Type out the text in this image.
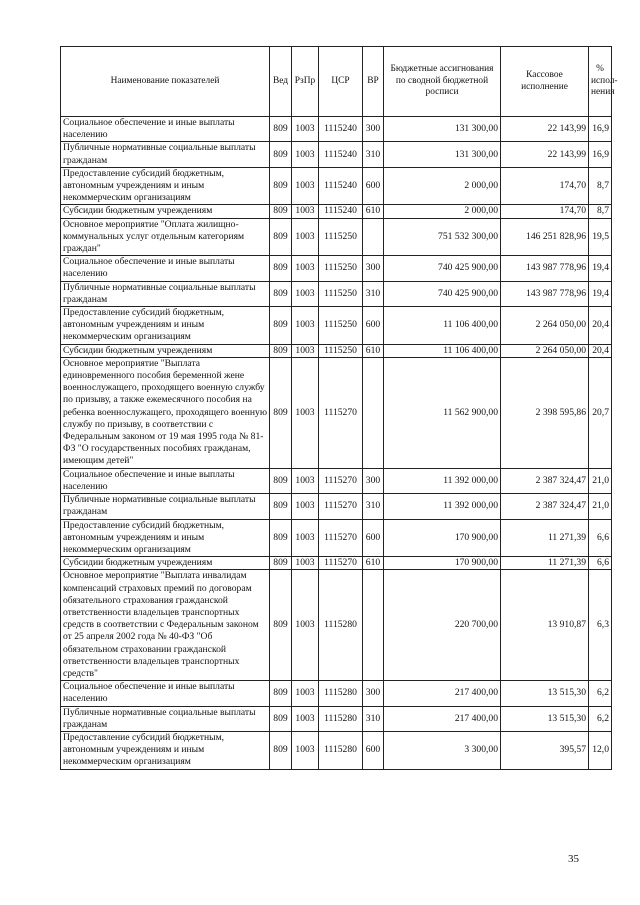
Наименование показателей	Вед	РзПр	ЦСР	ВР	Бюджетные ассигнования по сводной бюджетной росписи	Кассовое исполнение	% испол-нения
Социальное обеспечение и иные выплаты населению	809	1003	1115240	300	131 300,00	22 143,99	16,9
Публичные нормативные социальные выплаты гражданам	809	1003	1115240	310	131 300,00	22 143,99	16,9
Предоставление субсидий бюджетным, автономным учреждениям и иным некоммерческим организациям	809	1003	1115240	600	2 000,00	174,70	8,7
Субсидии бюджетным учреждениям	809	1003	1115240	610	2 000,00	174,70	8,7
Основное мероприятие "Оплата жилищно-коммунальных услуг отдельным категориям граждан"	809	1003	1115250		751 532 300,00	146 251 828,96	19,5
Социальное обеспечение и иные выплаты населению	809	1003	1115250	300	740 425 900,00	143 987 778,96	19,4
Публичные нормативные социальные выплаты гражданам	809	1003	1115250	310	740 425 900,00	143 987 778,96	19,4
Предоставление субсидий бюджетным, автономным учреждениям и иным некоммерческим организациям	809	1003	1115250	600	11 106 400,00	2 264 050,00	20,4
Субсидии бюджетным учреждениям	809	1003	1115250	610	11 106 400,00	2 264 050,00	20,4
Основное мероприятие "Выплата единовременного пособия беременной жене военнослужащего, проходящего военную службу по призыву, а также ежемесячного пособия на ребенка военнослужащего, проходящего военную службу по призыву, в соответствии с Федеральным законом от 19 мая 1995 года № 81-ФЗ "О государственных пособиях гражданам, имеющим детей"	809	1003	1115270		11 562 900,00	2 398 595,86	20,7
Социальное обеспечение и иные выплаты населению	809	1003	1115270	300	11 392 000,00	2 387 324,47	21,0
Публичные нормативные социальные выплаты гражданам	809	1003	1115270	310	11 392 000,00	2 387 324,47	21,0
Предоставление субсидий бюджетным, автономным учреждениям и иным некоммерческим организациям	809	1003	1115270	600	170 900,00	11 271,39	6,6
Субсидии бюджетным учреждениям	809	1003	1115270	610	170 900,00	11 271,39	6,6
Основное мероприятие "Выплата инвалидам компенсаций страховых премий по договорам обязательного страхования гражданской ответственности владельцев транспортных средств в соответствии с Федеральным законом от 25 апреля 2002 года № 40-ФЗ "Об обязательном страховании гражданской ответственности владельцев транспортных средств"	809	1003	1115280		220 700,00	13 910,87	6,3
Социальное обеспечение и иные выплаты населению	809	1003	1115280	300	217 400,00	13 515,30	6,2
Публичные нормативные социальные выплаты гражданам	809	1003	1115280	310	217 400,00	13 515,30	6,2
Предоставление субсидий бюджетным, автономным учреждениям и иным некоммерческим организациям	809	1003	1115280	600	3 300,00	395,57	12,0
35
